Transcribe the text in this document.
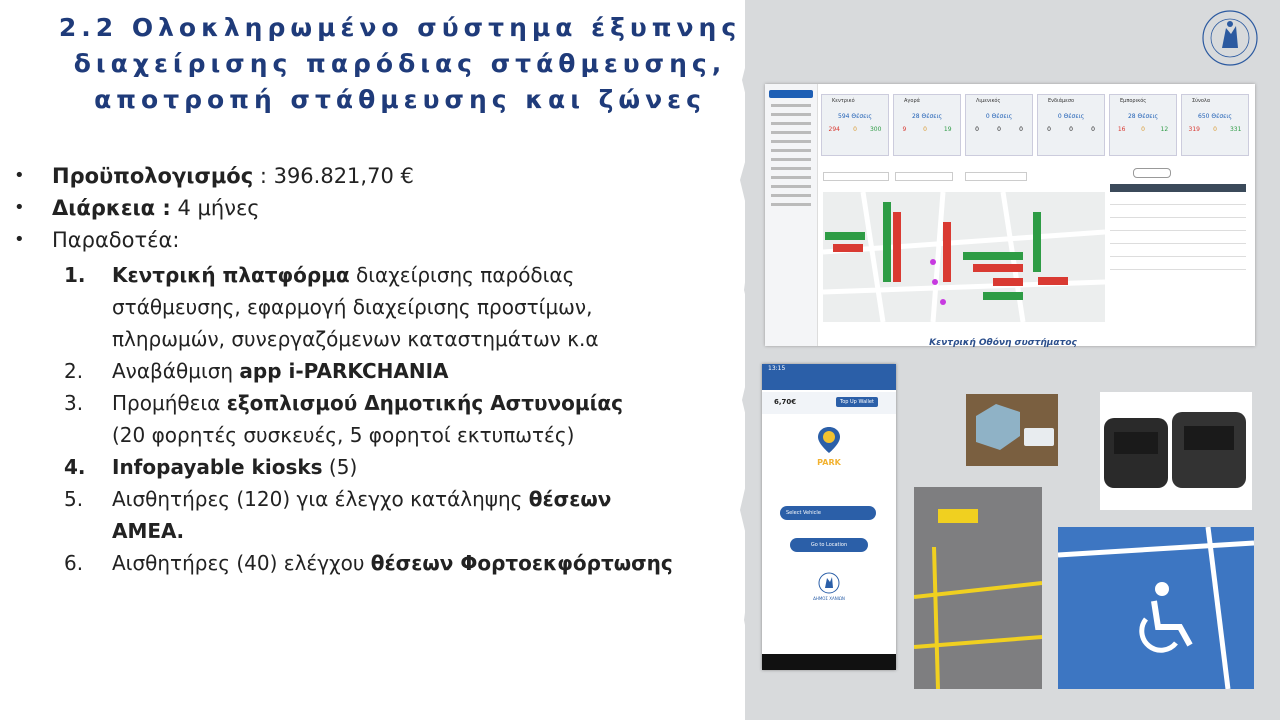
2.2 Ολοκληρωμένο σύστημα έξυπνης
διαχείρισης παρόδιας στάθμευσης,
αποτροπή στάθμευσης και ζώνες
• Προϋπολογισμός : 396.821,70 €
• Διάρκεια : 4 μήνες
• Παραδοτέα:
1. Κεντρική πλατφόρμα διαχείρισης παρόδιας στάθμευσης, εφαρμογή διαχείρισης προστίμων, πληρωμών, συνεργαζόμενων καταστημάτων κ.α
2. Αναβάθμιση app i-PARKCHANIA
3. Προμήθεια εξοπλισμού Δημοτικής Αστυνομίας (20 φορητές συσκευές, 5 φορητοί εκτυπωτές)
4. Infopayable kiosks (5)
5. Αισθητήρες (120) για έλεγχο κατάληψης θέσεων ΑΜΕΑ.
6. Αισθητήρες (40) ελέγχου θέσεων Φορτοεκφόρτωσης
Κεντρικό
594 Θέσεις
294 0 300
Αγορά
28 Θέσεις
9	0	19
Λιμενικός
0 Θέσεις
0	0	0
Ενδιάμεσο
0 Θέσεις
0	0	0
Εμπορικός
28 Θέσεις
16	0	12
Σύνολα
650 Θέσεις
319 0 331
Κεντρική Οθόνη συστήματος
13:15
6,70€	Top Up Wallet
PARK
Select Vehicle
Go to Location
ΔΗΜΟΣ ΧΑΝΙΩΝ
